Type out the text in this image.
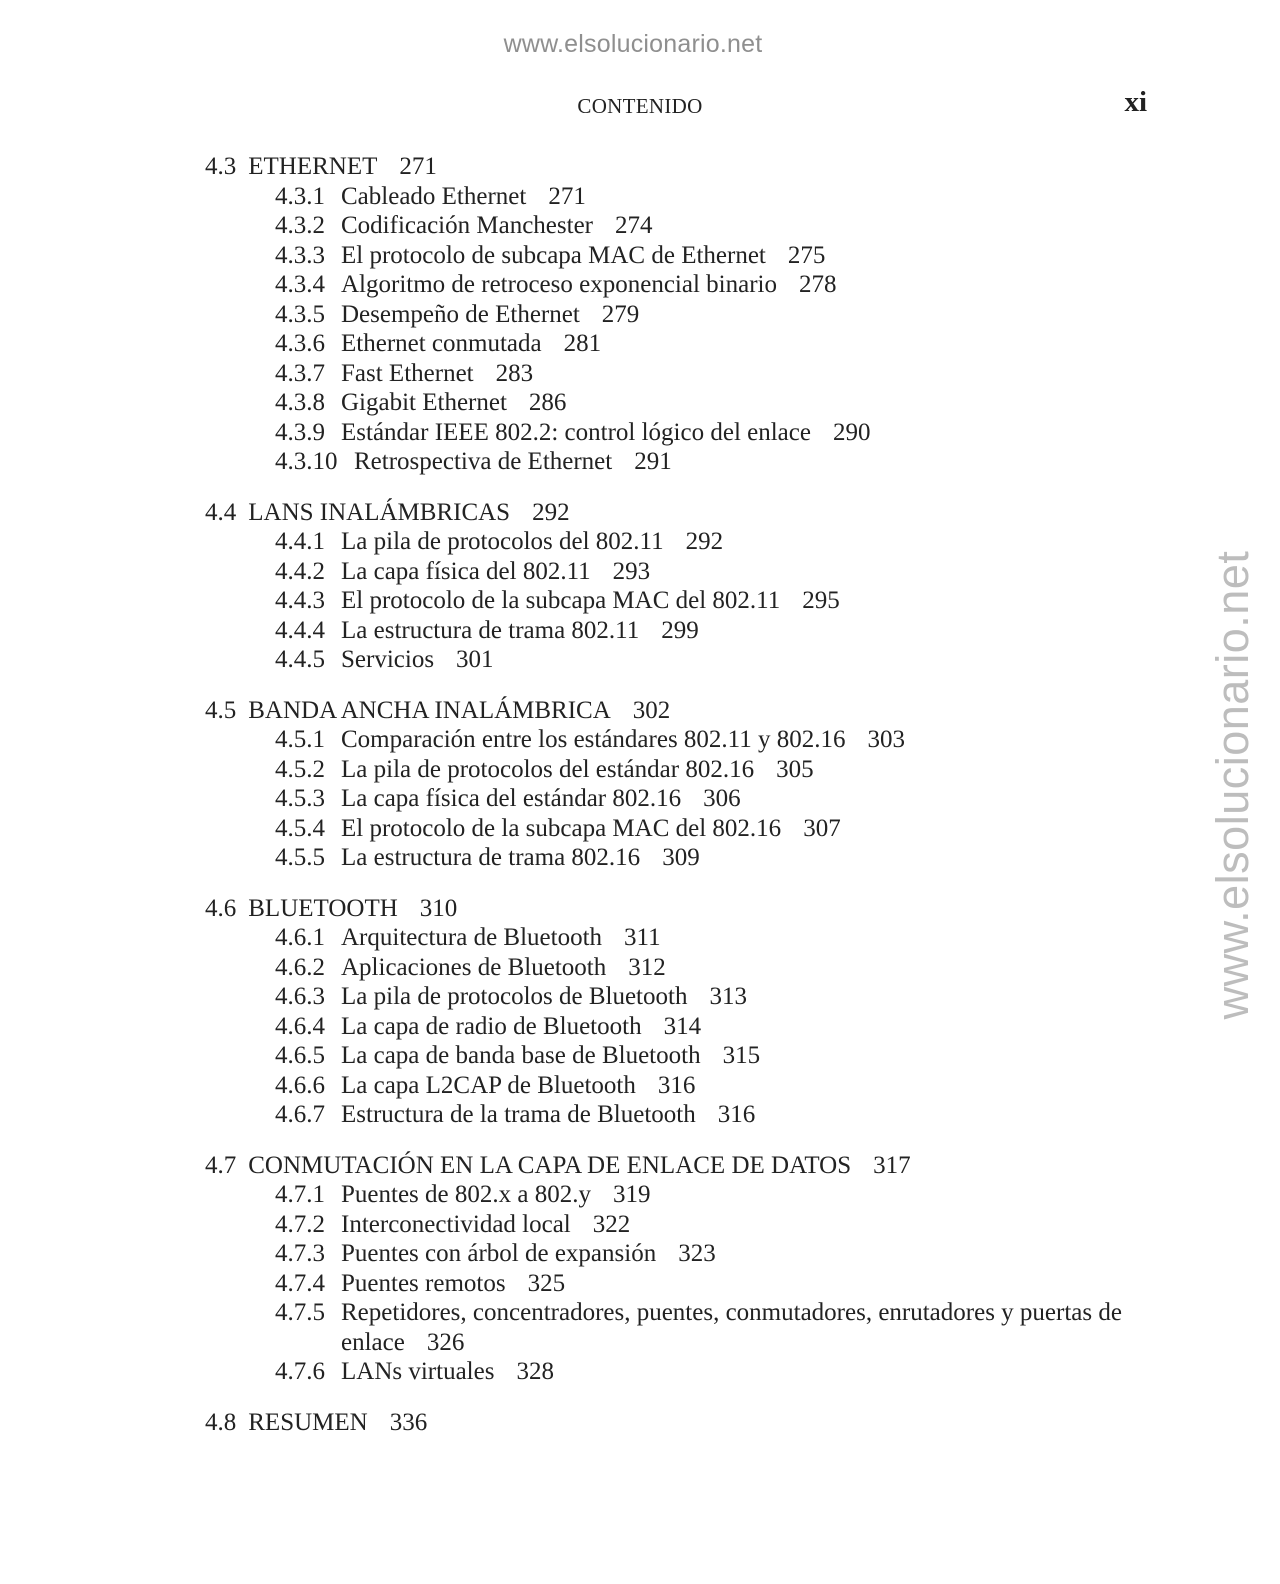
www.elsolucionario.net
www.elsolucionario.net
CONTENIDO	xi
4.3 ETHERNET 271
4.3.1 Cableado Ethernet 271
4.3.2 Codificación Manchester 274
4.3.3 El protocolo de subcapa MAC de Ethernet 275
4.3.4 Algoritmo de retroceso exponencial binario 278
4.3.5 Desempeño de Ethernet 279
4.3.6 Ethernet conmutada 281
4.3.7 Fast Ethernet 283
4.3.8 Gigabit Ethernet 286
4.3.9 Estándar IEEE 802.2: control lógico del enlace 290
4.3.10 Retrospectiva de Ethernet 291
4.4 LANS INALÁMBRICAS 292
4.4.1 La pila de protocolos del 802.11 292
4.4.2 La capa física del 802.11 293
4.4.3 El protocolo de la subcapa MAC del 802.11 295
4.4.4 La estructura de trama 802.11 299
4.4.5 Servicios 301
4.5 BANDA ANCHA INALÁMBRICA 302
4.5.1 Comparación entre los estándares 802.11 y 802.16 303
4.5.2 La pila de protocolos del estándar 802.16 305
4.5.3 La capa física del estándar 802.16 306
4.5.4 El protocolo de la subcapa MAC del 802.16 307
4.5.5 La estructura de trama 802.16 309
4.6 BLUETOOTH 310
4.6.1 Arquitectura de Bluetooth 311
4.6.2 Aplicaciones de Bluetooth 312
4.6.3 La pila de protocolos de Bluetooth 313
4.6.4 La capa de radio de Bluetooth 314
4.6.5 La capa de banda base de Bluetooth 315
4.6.6 La capa L2CAP de Bluetooth 316
4.6.7 Estructura de la trama de Bluetooth 316
4.7 CONMUTACIÓN EN LA CAPA DE ENLACE DE DATOS 317
4.7.1 Puentes de 802.x a 802.y 319
4.7.2 Interconectividad local 322
4.7.3 Puentes con árbol de expansión 323
4.7.4 Puentes remotos 325
4.7.5 Repetidores, concentradores, puentes, conmutadores, enrutadores y puertas de enlace 326
4.7.6 LANs virtuales 328
4.8 RESUMEN 336
